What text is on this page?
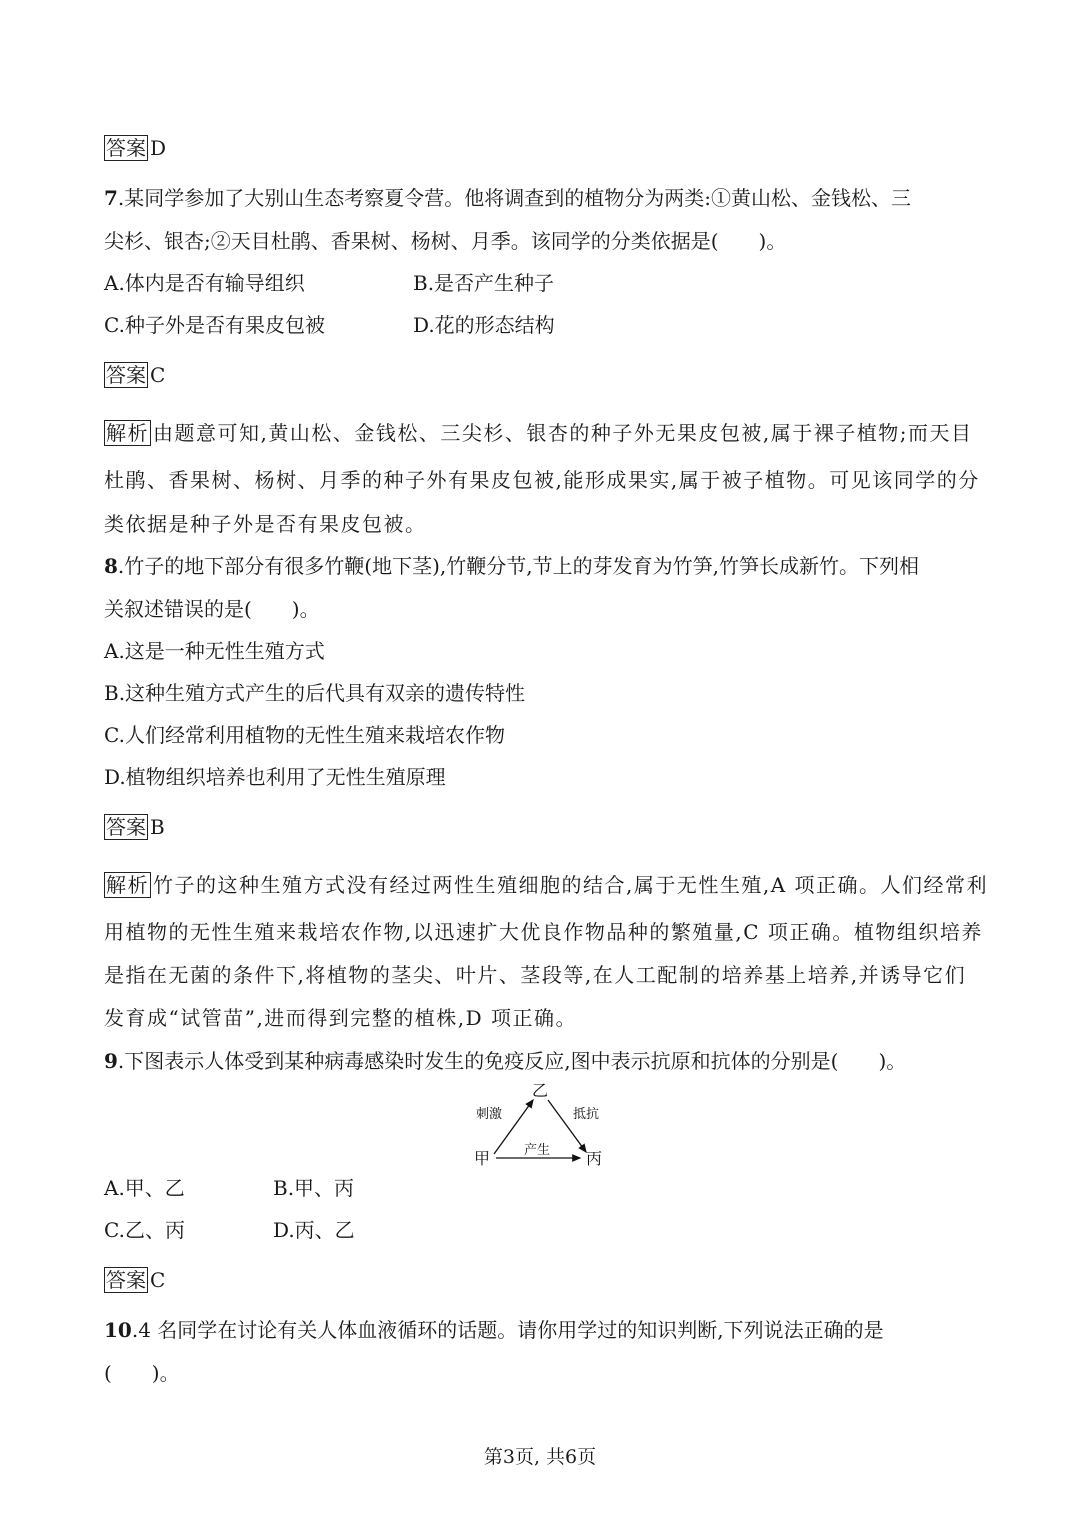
答案 D
7.某同学参加了大别山生态考察夏令营。他将调查到的植物分为两类:①黄山松、金钱松、三
尖杉、银杏;②天目杜鹃、香果树、杨树、月季。该同学的分类依据是(　　)。
A.体内是否有输导组织	B.是否产生种子
C.种子外是否有果皮包被	D.花的形态结构
答案 C
解析 由题意可知,黄山松、金钱松、三尖杉、银杏的种子外无果皮包被,属于裸子植物;而天目
杜鹃、香果树、杨树、月季的种子外有果皮包被,能形成果实,属于被子植物。可见该同学的分
类依据是种子外是否有果皮包被。
8.竹子的地下部分有很多竹鞭(地下茎),竹鞭分节,节上的芽发育为竹笋,竹笋长成新竹。下列相
关叙述错误的是(　　)。
A.这是一种无性生殖方式
B.这种生殖方式产生的后代具有双亲的遗传特性
C.人们经常利用植物的无性生殖来栽培农作物
D.植物组织培养也利用了无性生殖原理
答案 B
解析 竹子的这种生殖方式没有经过两性生殖细胞的结合,属于无性生殖,A 项正确。人们经常利
用植物的无性生殖来栽培农作物,以迅速扩大优良作物品种的繁殖量,C 项正确。植物组织培养
是指在无菌的条件下,将植物的茎尖、叶片、茎段等,在人工配制的培养基上培养,并诱导它们
发育成“试管苗”,进而得到完整的植株,D 项正确。
9.下图表示人体受到某种病毒感染时发生的免疫反应,图中表示抗原和抗体的分别是(　　)。
乙
甲	丙
刺激	抵抗
产生
A.甲、乙	B.甲、丙
C.乙、丙	D.丙、乙
答案 C
10.4 名同学在讨论有关人体血液循环的话题。请你用学过的知识判断,下列说法正确的是
(　　)。
第3页, 共6页
